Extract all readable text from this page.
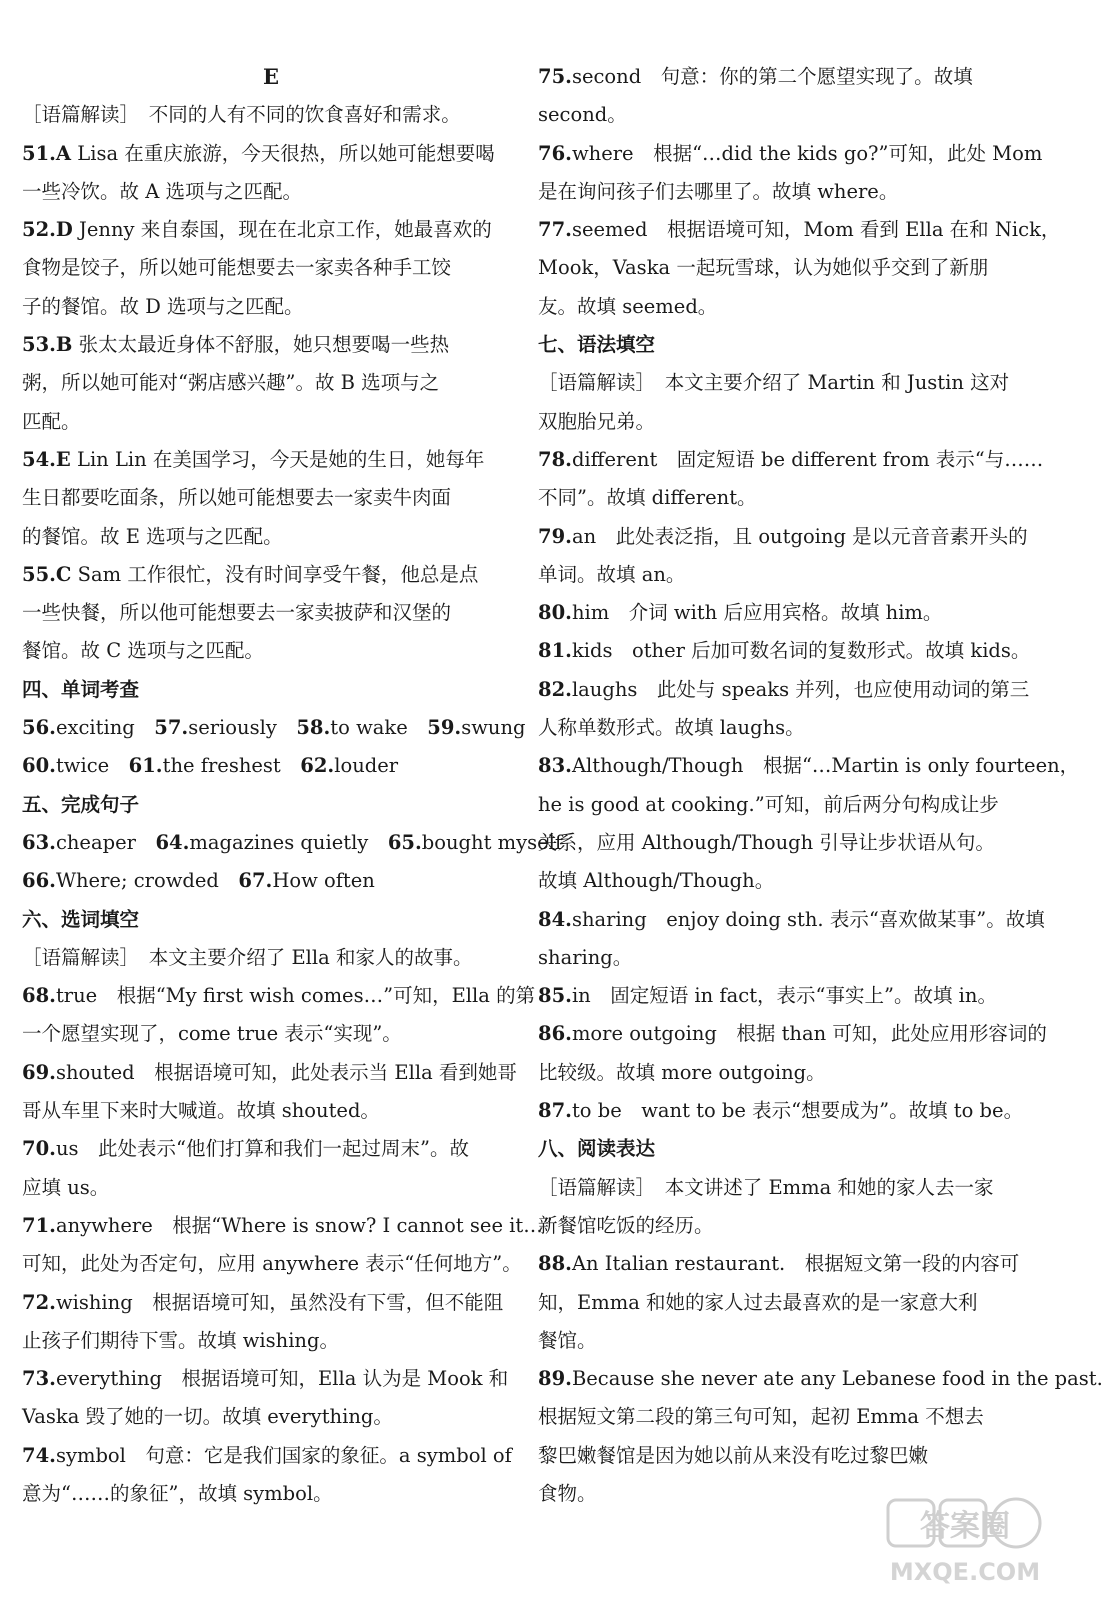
E
［语篇解读］　不同的人有不同的饮食喜好和需求。
51.A Lisa 在重庆旅游，今天很热，所以她可能想要喝
一些冷饮。故 A 选项与之匹配。
52.D Jenny 来自泰国，现在在北京工作，她最喜欢的
食物是饺子，所以她可能想要去一家卖各种手工饺
子的餐馆。故 D 选项与之匹配。
53.B 张太太最近身体不舒服，她只想要喝一些热
粥，所以她可能对“粥店感兴趣”。故 B 选项与之
匹配。
54.E Lin Lin 在美国学习，今天是她的生日，她每年
生日都要吃面条，所以她可能想要去一家卖牛肉面
的餐馆。故 E 选项与之匹配。
55.C Sam 工作很忙，没有时间享受午餐，他总是点
一些快餐，所以他可能想要去一家卖披萨和汉堡的
餐馆。故 C 选项与之匹配。
四、单词考查
56.exciting   57.seriously   58.to wake   59.swung
60.twice   61.the freshest   62.louder
五、完成句子
63.cheaper   64.magazines quietly   65.bought myself
66.Where; crowded   67.How often
六、选词填空
［语篇解读］　本文主要介绍了 Ella 和家人的故事。
68.true　根据“My first wish comes…”可知，Ella 的第
一个愿望实现了，come true 表示“实现”。
69.shouted　根据语境可知，此处表示当 Ella 看到她哥
哥从车里下来时大喊道。故填 shouted。
70.us　此处表示“他们打算和我们一起过周末”。故
应填 us。
71.anywhere　根据“Where is snow? I cannot see it…”
可知，此处为否定句，应用 anywhere 表示“任何地方”。
72.wishing　根据语境可知，虽然没有下雪，但不能阻
止孩子们期待下雪。故填 wishing。
73.everything　根据语境可知，Ella 认为是 Mook 和
Vaska 毁了她的一切。故填 everything。
74.symbol　句意：它是我们国家的象征。a symbol of
意为“……的象征”，故填 symbol。
75.second　句意：你的第二个愿望实现了。故填
second。
76.where　根据“…did the kids go?”可知，此处 Mom
是在询问孩子们去哪里了。故填 where。
77.seemed　根据语境可知，Mom 看到 Ella 在和 Nick，
Mook，Vaska 一起玩雪球，认为她似乎交到了新朋
友。故填 seemed。
七、语法填空
［语篇解读］　本文主要介绍了 Martin 和 Justin 这对
双胞胎兄弟。
78.different　固定短语 be different from 表示“与……
不同”。故填 different。
79.an　此处表泛指，且 outgoing 是以元音音素开头的
单词。故填 an。
80.him　介词 with 后应用宾格。故填 him。
81.kids　other 后加可数名词的复数形式。故填 kids。
82.laughs　此处与 speaks 并列，也应使用动词的第三
人称单数形式。故填 laughs。
83.Although/Though　根据“…Martin is only fourteen，
he is good at cooking.”可知，前后两分句构成让步
关系，应用 Although/Though 引导让步状语从句。
故填 Although/Though。
84.sharing　enjoy doing sth. 表示“喜欢做某事”。故填
sharing。
85.in　固定短语 in fact，表示“事实上”。故填 in。
86.more outgoing　根据 than 可知，此处应用形容词的
比较级。故填 more outgoing。
87.to be　want to be 表示“想要成为”。故填 to be。
八、阅读表达
［语篇解读］　本文讲述了 Emma 和她的家人去一家
新餐馆吃饭的经历。
88.An Italian restaurant.　根据短文第一段的内容可
知，Emma 和她的家人过去最喜欢的是一家意大利
餐馆。
89.Because she never ate any Lebanese food in the past.
根据短文第二段的第三句可知，起初 Emma 不想去
黎巴嫩餐馆是因为她以前从来没有吃过黎巴嫩
食物。
答案圈
MXQE.COM
